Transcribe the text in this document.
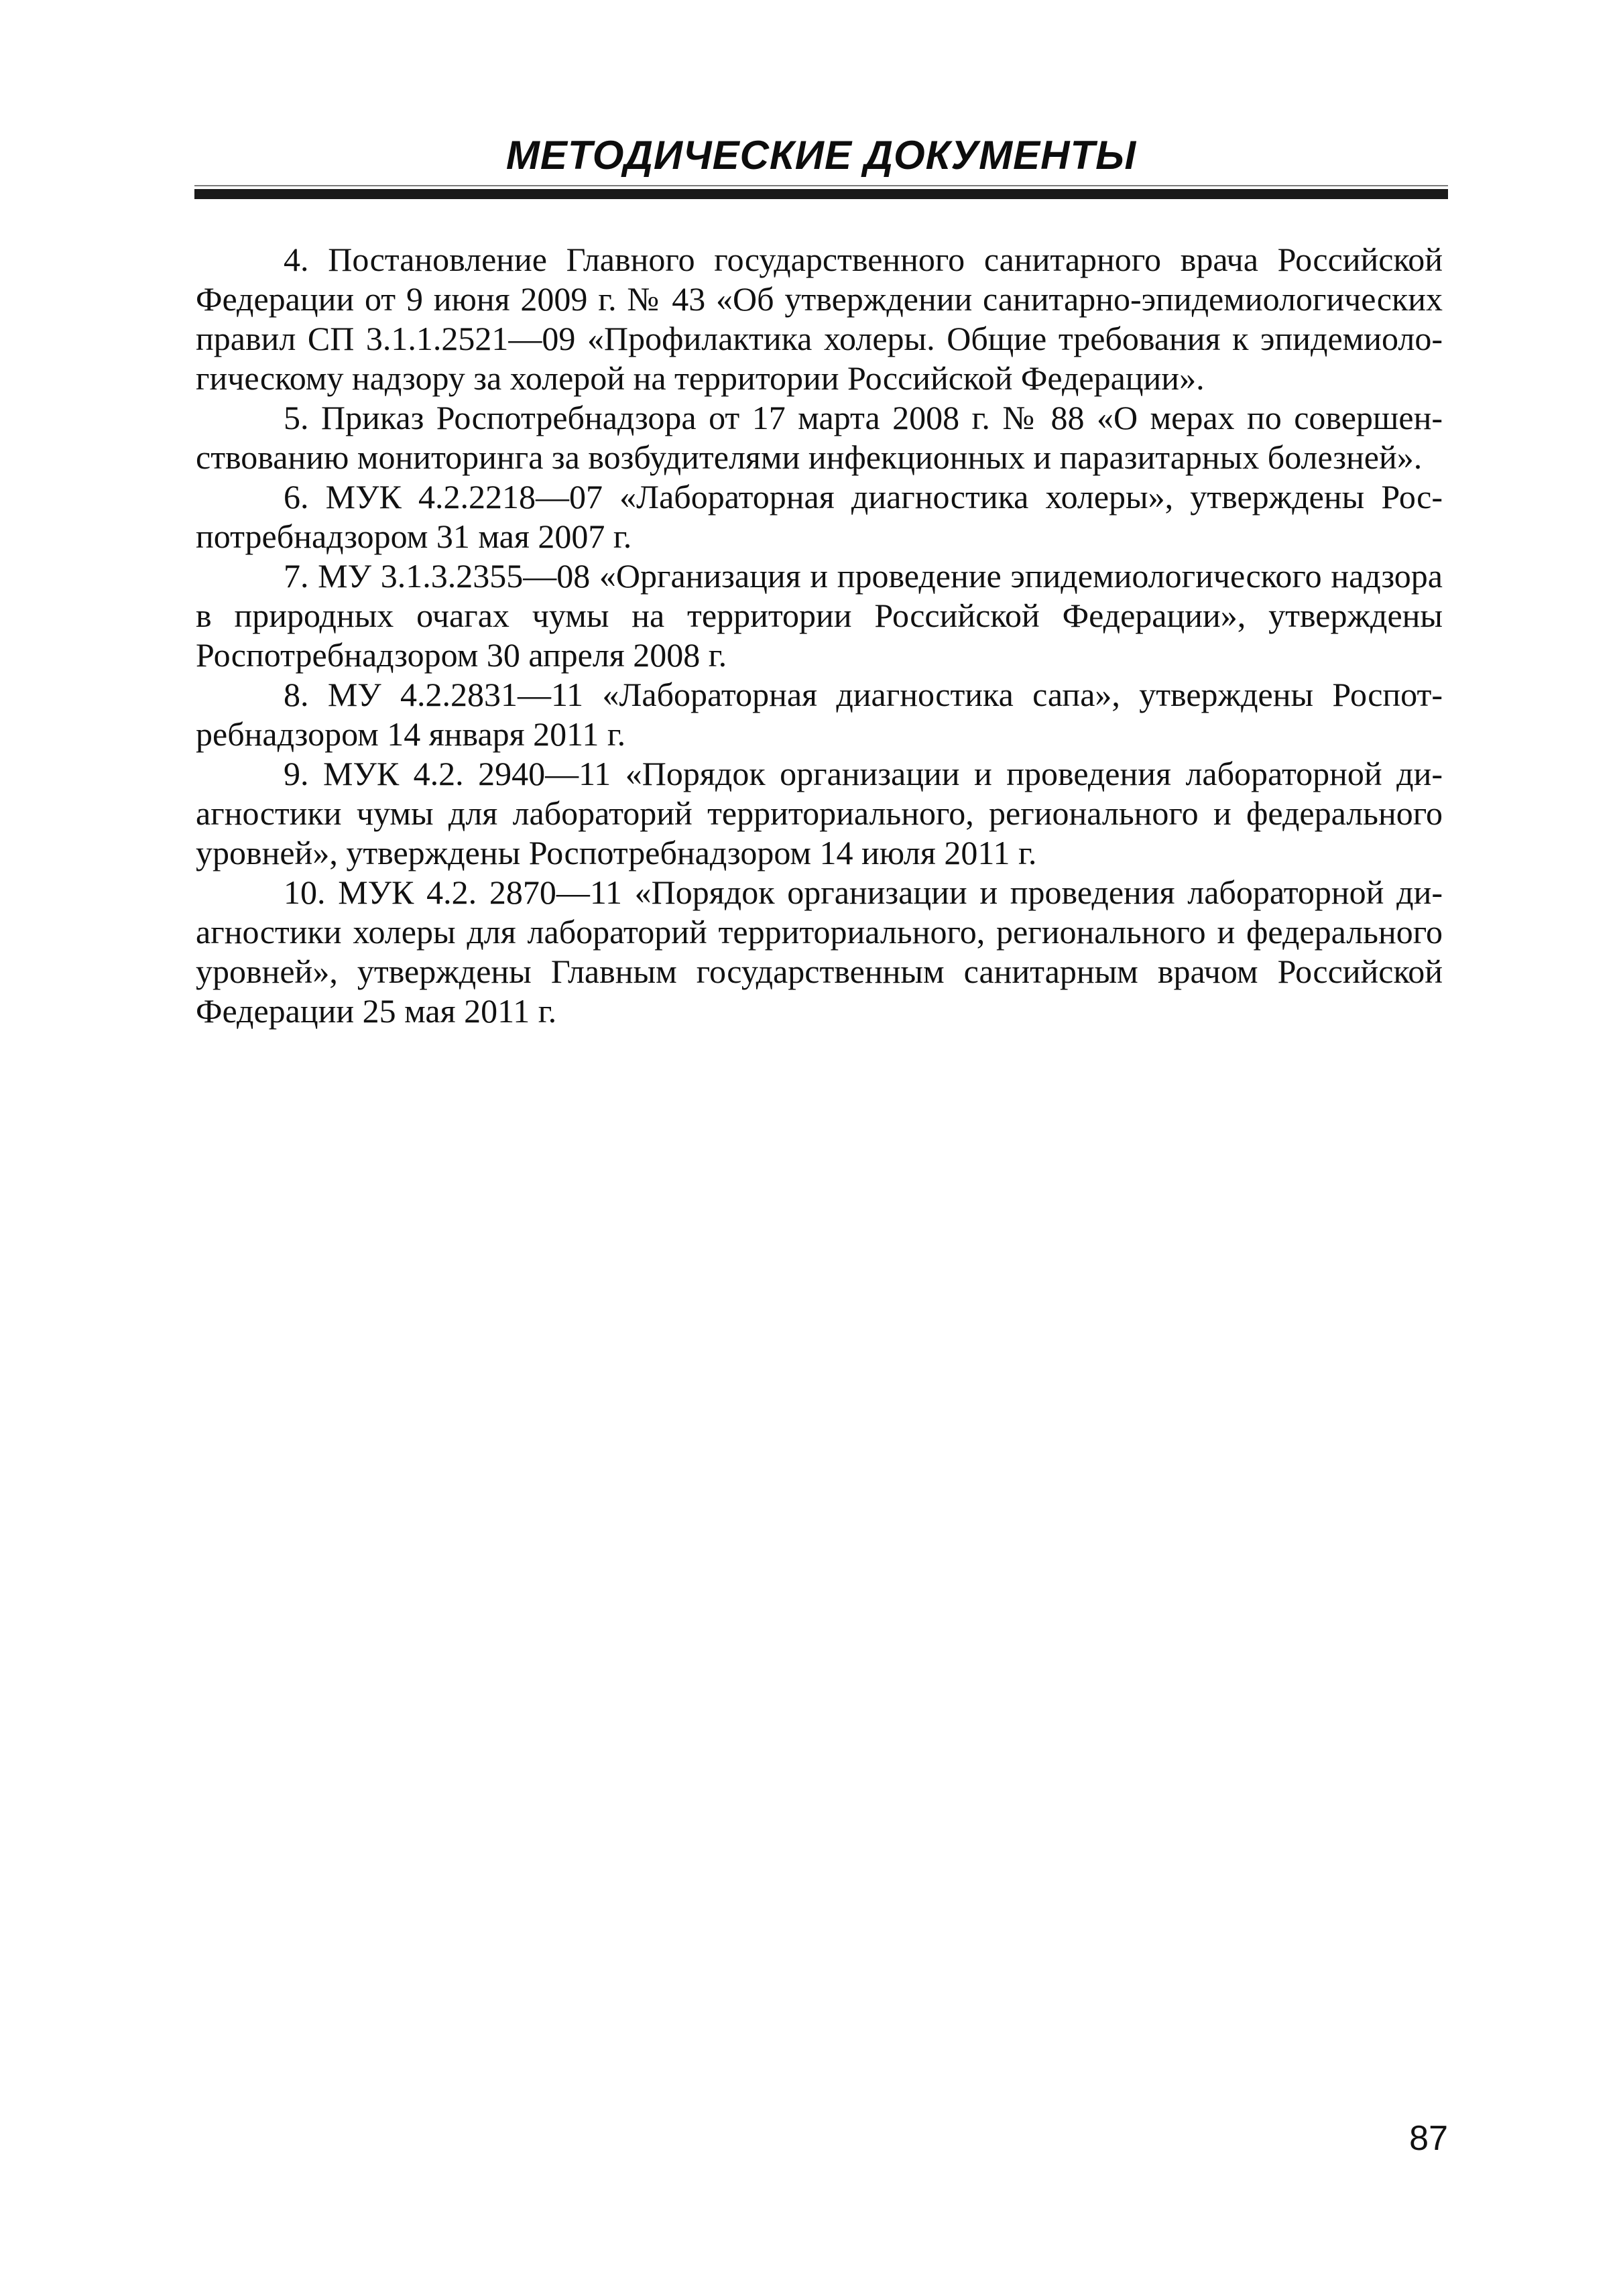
МЕТОДИЧЕСКИЕ ДОКУМЕНТЫ

4. Постановление Главного государственного санитарного врача Российской Федерации от 9 июня 2009 г. № 43 «Об утверждении санитарно-эпидемиологических правил СП 3.1.1.2521—09 «Профилактика холеры. Общие требования к эпидемиологическому надзору за холерой на территории Российской Федерации».

5. Приказ Роспотребнадзора от 17 марта 2008 г. № 88 «О мерах по совершенствованию мониторинга за возбудителями инфекционных и паразитарных болезней».

6. МУК 4.2.2218—07 «Лабораторная диагностика холеры», утверждены Роспотребнадзором 31 мая 2007 г.

7. МУ 3.1.3.2355—08 «Организация и проведение эпидемиологического надзора в природных очагах чумы на территории Российской Федерации», утверждены Роспотребнадзором 30 апреля 2008 г.

8. МУ 4.2.2831—11 «Лабораторная диагностика сапа», утверждены Роспотребнадзором 14 января 2011 г.

9. МУК 4.2. 2940—11 «Порядок организации и проведения лабораторной диагностики чумы для лабораторий территориального, регионального и федерального уровней», утверждены Роспотребнадзором 14 июля 2011 г.

10. МУК 4.2. 2870—11 «Порядок организации и проведения лабораторной диагностики холеры для лабораторий территориального, регионального и федерального уровней», утверждены Главным государственным санитарным врачом Российской Федерации 25 мая 2011 г.

87
